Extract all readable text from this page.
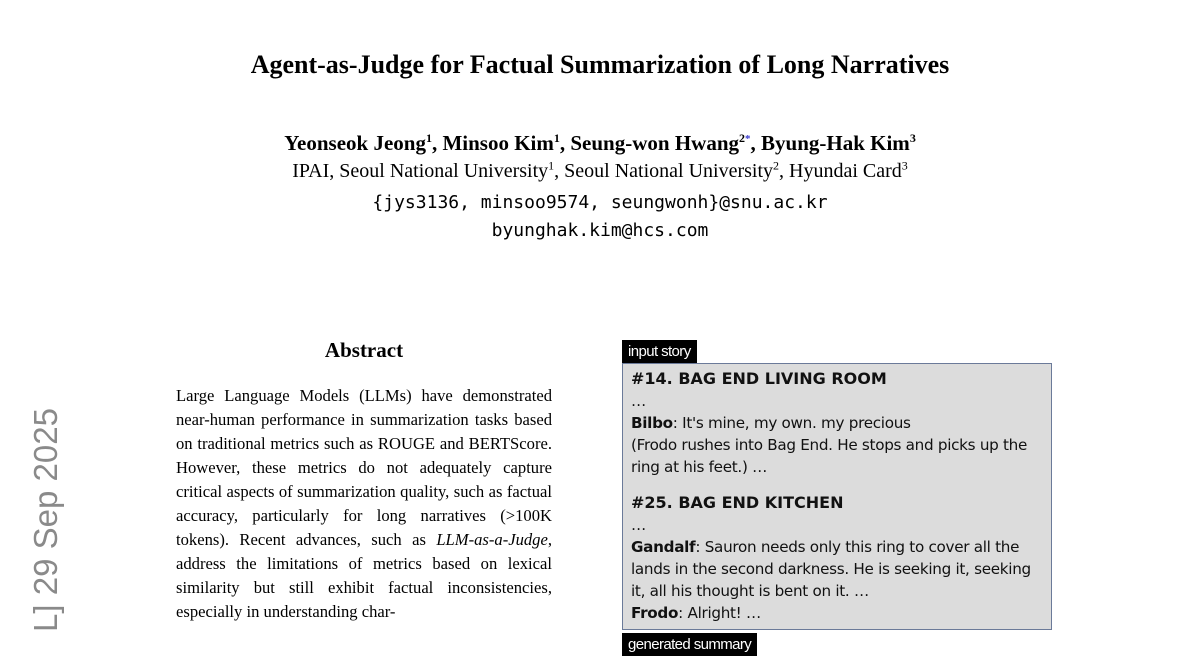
Agent-as-Judge for Factual Summarization of Long Narratives
Yeonseok Jeong$^1$, Minsoo Kim$^1$, Seung-won Hwang$^{2*}$, Byung-Hak Kim$^3$
IPAI, Seoul National University$^1$, Seoul National University$^2$, Hyundai Card$^3$
{jys3136, minsoo9574, seungwonh}@snu.ac.kr
byunghak.kim@hcs.com
L] 29 Sep 2025
Abstract
Large Language Models (LLMs) have demonstrated near-human performance in summarization tasks based on traditional metrics such as ROUGE and BERTScore. However, these metrics do not adequately capture critical aspects of summarization quality, such as factual accuracy, particularly for long narratives (>100K tokens). Recent advances, such as LLM-as-a-Judge, address the limitations of metrics based on lexical similarity but still exhibit factual inconsistencies, especially in understanding char-
input story

#14. BAG END LIVING ROOM

…

Bilbo: It's mine, my own. my precious

(Frodo rushes into Bag End. He stops and picks up the ring at his feet.) …

#25. BAG END KITCHEN

…

Gandalf: Sauron needs only this ring to cover all the lands in the second darkness. He is seeking it, seeking it, all his thought is bent on it. …

Frodo: Alright! …

generated summary
